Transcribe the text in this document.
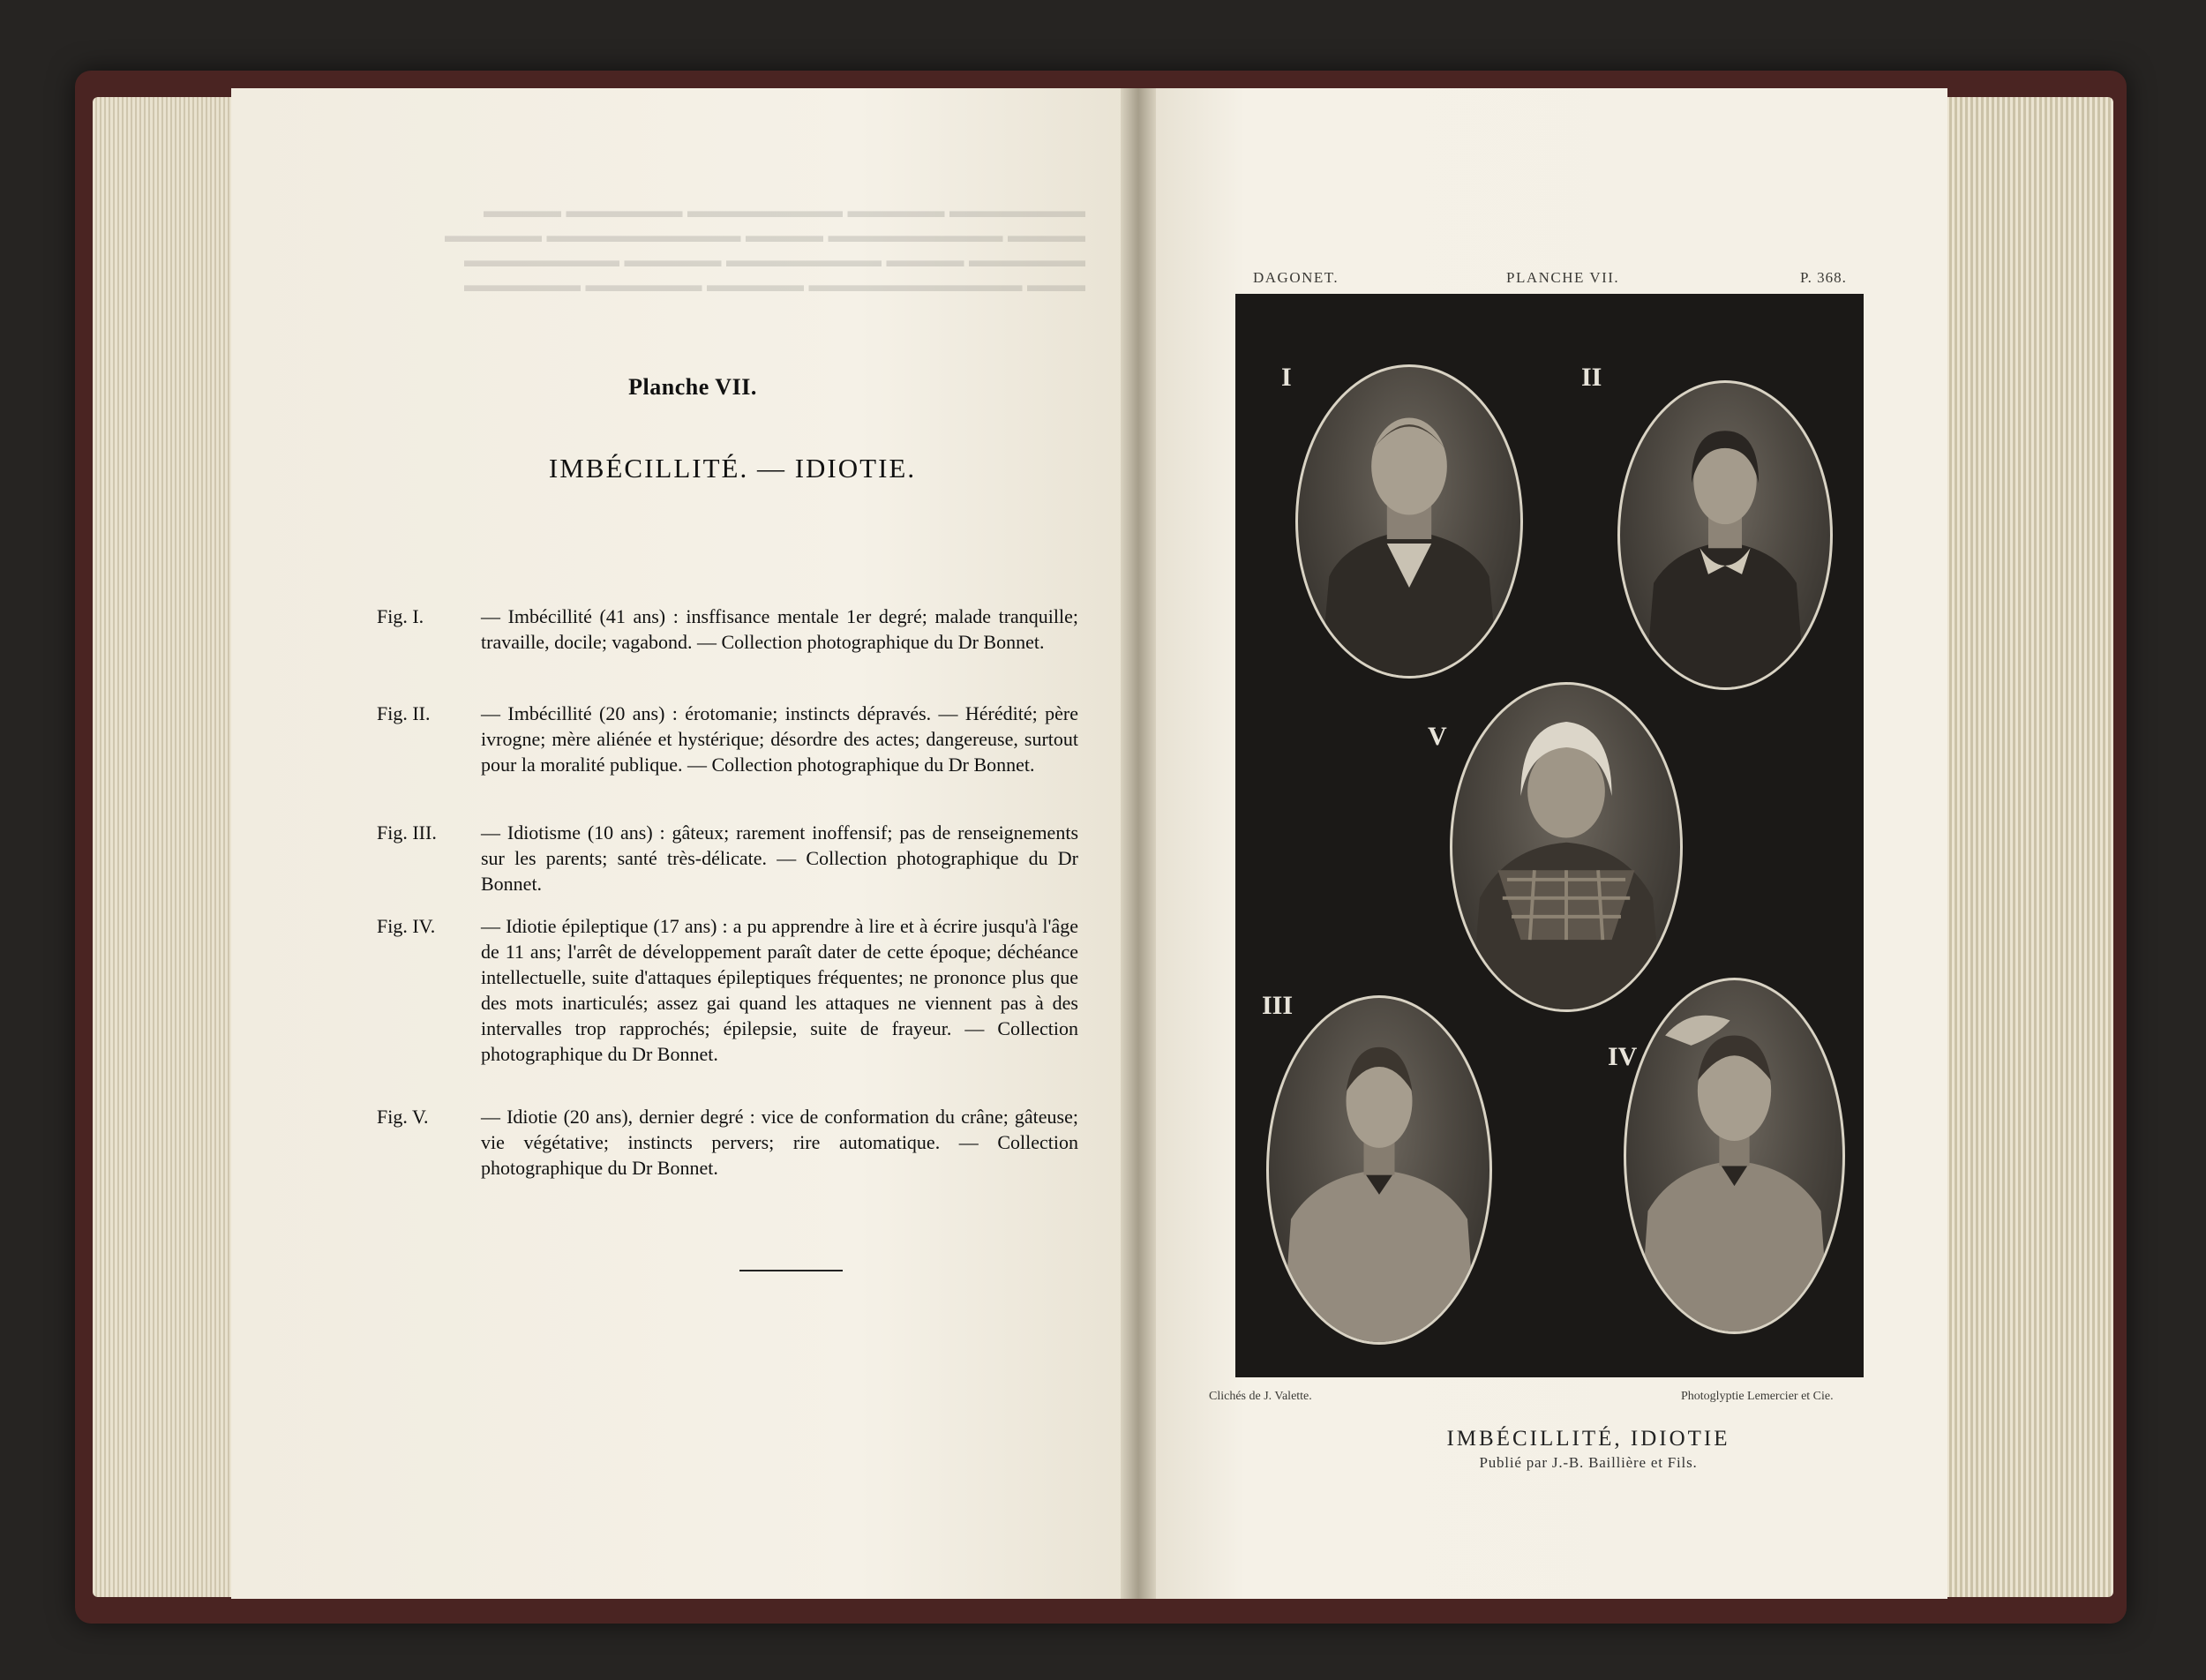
▬▬▬▬▬▬▬ ▬▬▬▬▬ ▬▬▬▬▬▬▬▬ ▬▬▬▬▬▬ ▬▬▬▬
▬▬▬▬ ▬▬▬▬▬▬▬▬▬ ▬▬▬▬ ▬▬▬▬▬▬▬▬▬▬ ▬▬▬▬▬
▬▬▬▬▬▬ ▬▬▬▬ ▬▬▬▬▬▬▬▬ ▬▬▬▬▬ ▬▬▬▬▬▬▬▬
▬▬▬ ▬▬▬▬▬▬▬▬▬▬▬ ▬▬▬▬▬ ▬▬▬▬▬▬ ▬▬▬▬▬▬
Planche VII.
IMBÉCILLITÉ. — IDIOTIE.
Fig. I.	— Imbécillité (41 ans) : insffisance mentale 1er degré; malade tranquille; travaille, docile; vagabond. — Collection photographique du Dr Bonnet.
Fig. II.	— Imbécillité (20 ans) : érotomanie; instincts dépravés. — Hérédité; père ivrogne; mère aliénée et hystérique; désordre des actes; dangereuse, surtout pour la moralité publique. — Collection photographique du Dr Bonnet.
Fig. III.	— Idiotisme (10 ans) : gâteux; rarement inoffensif; pas de renseignements sur les parents; santé très-délicate. — Collection photographique du Dr Bonnet.
Fig. IV.	— Idiotie épileptique (17 ans) : a pu apprendre à lire et à écrire jusqu'à l'âge de 11 ans; l'arrêt de développement paraît dater de cette époque; déchéance intellectuelle, suite d'attaques épileptiques fréquentes; ne prononce plus que des mots inarticulés; assez gai quand les attaques ne viennent pas à des intervalles trop rapprochés; épilepsie, suite de frayeur. — Collection photographique du Dr Bonnet.
Fig. V.	— Idiotie (20 ans), dernier degré : vice de conformation du crâne; gâteuse; vie végétative; instincts pervers; rire automatique. — Collection photographique du Dr Bonnet.
DAGONET.	PLANCHE VII.	P. 368.
I	II
V
III
IV
Clichés de J. Valette.	Photoglyptie Lemercier et Cie.
IMBÉCILLITÉ, IDIOTIE
Publié par J.-B. Baillière et Fils.
